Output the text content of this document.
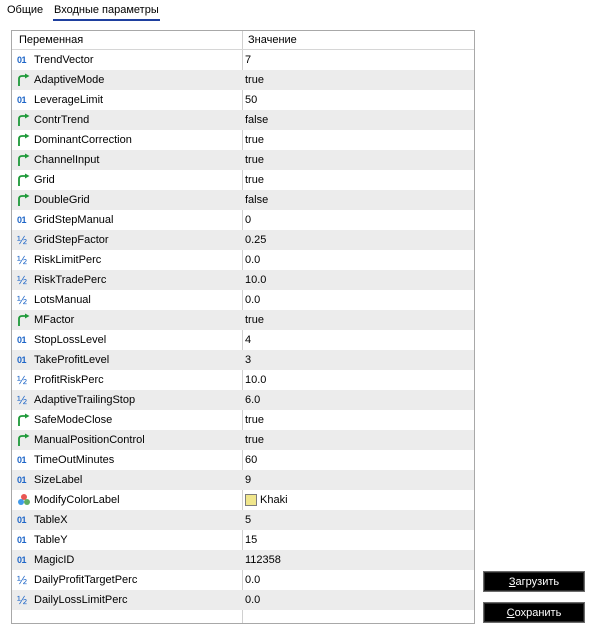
Общие Входные параметры
Переменная	Значение
01 TrendVector	7
AdaptiveMode	true
01 LeverageLimit	50
ContrTrend	false
DominantCorrection	true
ChannelInput	true
Grid	true
DoubleGrid	false
01 GridStepManual	0
½ GridStepFactor	0.25
½ RiskLimitPerc	0.0
½ RiskTradePerc	10.0
½ LotsManual	0.0
MFactor	true
01 StopLossLevel	4
01 TakeProfitLevel	3
½ ProfitRiskPerc	10.0
½ AdaptiveTrailingStop	6.0
SafeModeClose	true
ManualPositionControl	true
01 TimeOutMinutes	60
01 SizeLabel	9
ModifyColorLabel	Khaki
01 TableX	5
01 TableY	15
01 MagicID	112358
½ DailyProfitTargetPerc	0.0
½ DailyLossLimitPerc	0.0
Загрузить
Сохранить
